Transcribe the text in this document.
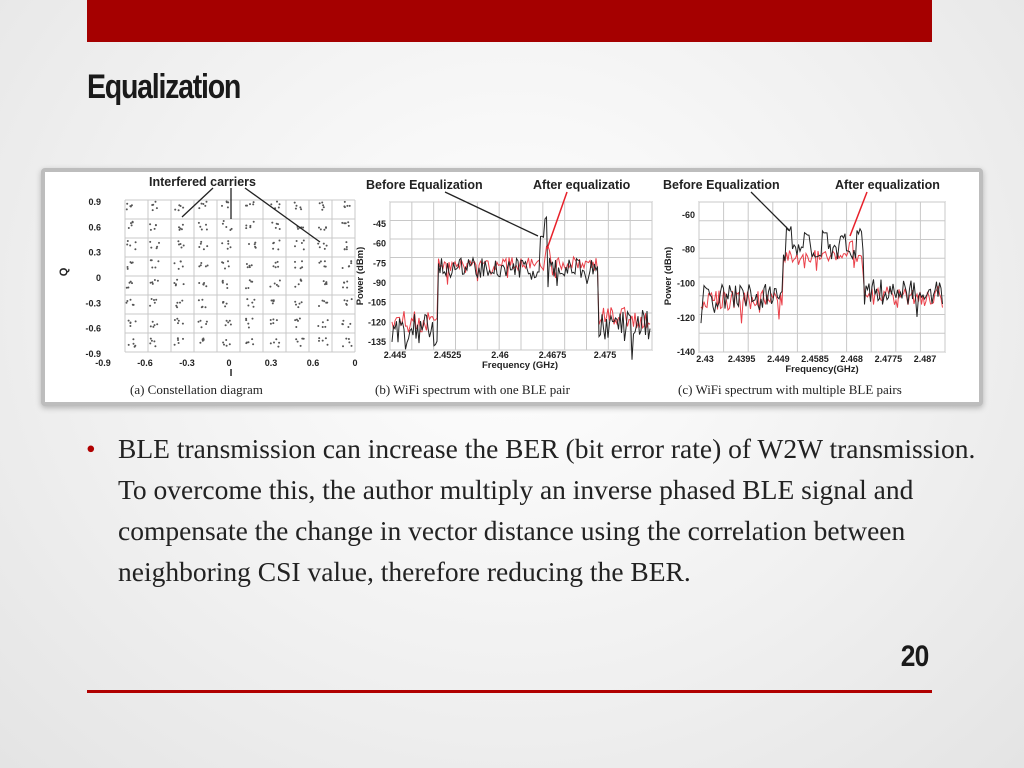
Equalization
Interfered carriers
0.9
0.6
0.3
0
-0.3
-0.6
-0.9
-0.9	-0.6	-0.3	0	0.3	0.6	0
Q
I
(a) Constellation diagram
Before Equalization	After equalizatio
-45
-60
-75
-90
-105
-120
-135
2.445	2.4525	2.46	2.4675	2.475
Power (dBm)
Frequency (GHz)
(b) WiFi spectrum with one BLE pair
Before Equalization	After equalization
-60
-80
-100
-120
-140
2.43 2.4395 2.449 2.4585 2.468 2.4775 2.487
Power (dBm)
Frequency(GHz)
(c) WiFi spectrum with multiple BLE pairs
• BLE transmission can increase the BER (bit error rate) of W2W transmission. To overcome this, the author multiply an inverse phased BLE signal and compensate the change in vector distance using the correlation between neighboring CSI value, therefore reducing the BER.
20
